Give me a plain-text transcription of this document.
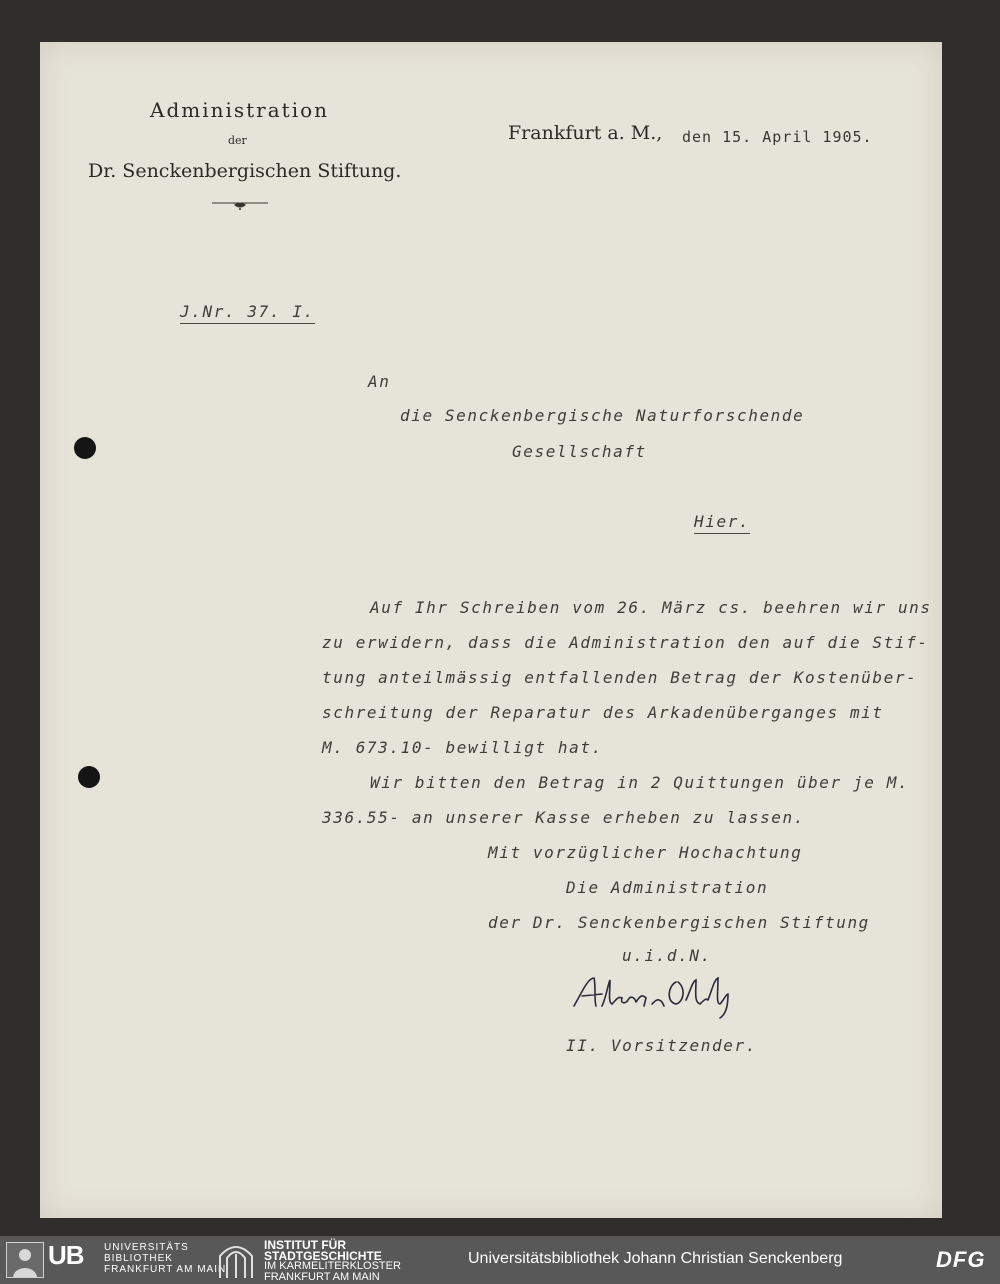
Administration
der
Dr. Senckenbergischen Stiftung.
Frankfurt a. M., den 15. April 1905.
J.Nr. 37. I.
An
die Senckenbergische Naturforschende
Gesellschaft
Hier.
Auf Ihr Schreiben vom 26. März cs. beehren wir uns
zu erwidern, dass die Administration den auf die Stif-
tung anteilmässig entfallenden Betrag der Kostenüber-
schreitung der Reparatur des Arkadenüberganges mit
M. 673.10- bewilligt hat.
Wir bitten den Betrag in 2 Quittungen über je M.
336.55- an unserer Kasse erheben zu lassen.
Mit vorzüglicher Hochachtung
Die Administration
der Dr. Senckenbergischen Stiftung
u.i.d.N.
II. Vorsitzender.
UB UNIVERSITÄTS
BIBLIOTHEK
FRANKFURT AM MAIN
INSTITUT FÜR
STADTGESCHICHTE
IM KARMELITERKLOSTER
FRANKFURT AM MAIN
Universitätsbibliothek Johann Christian Senckenberg	DFG
